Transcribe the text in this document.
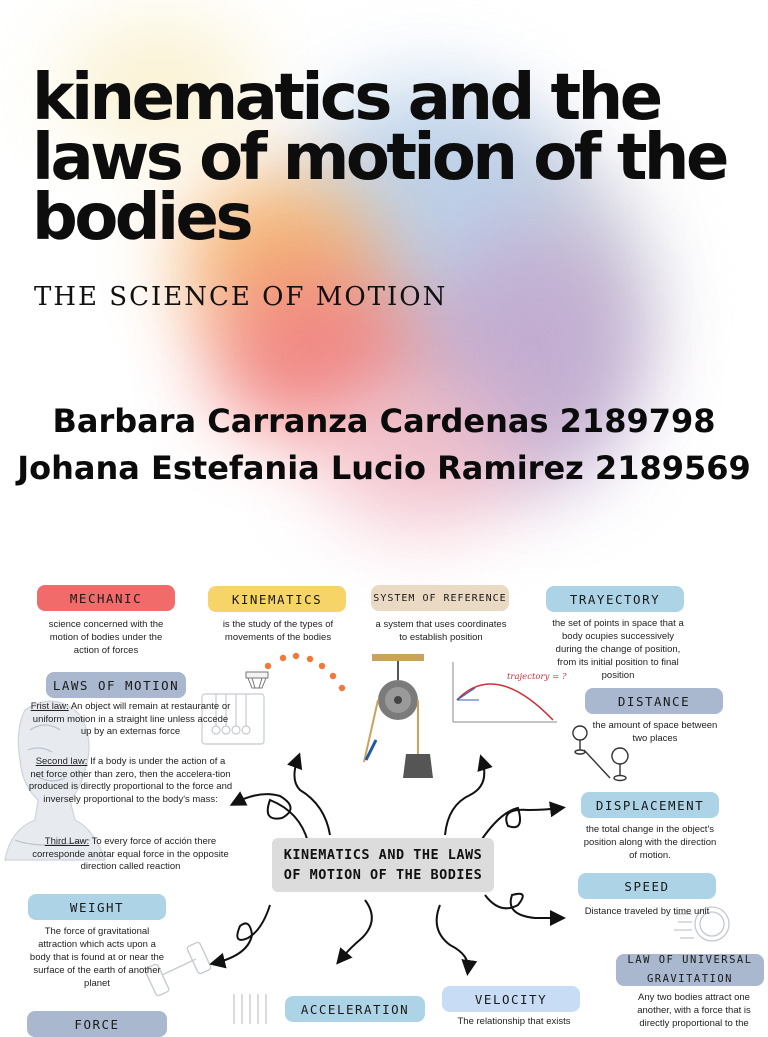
kinematics and the laws of motion of the bodies
THE SCIENCE OF MOTION
Barbara Carranza Cardenas 2189798
Johana Estefania Lucio Ramirez 2189569
trajectory = ?
MECHANIC
science concerned with the motion of bodies under the action of forces
KINEMATICS
is the study of the types of movements of the bodies
SYSTEM OF REFERENCE
a system that uses coordinates to establish position
TRAYECTORY
the set of points in space that a body ocupies successively during the change of position, from its initial position to final position
LAWS OF MOTION
Frist law: An object will remain at restaurante or uniform motion in a straight line unless accede up by an externas force
Second law: If a body is under the action of a net force other than zero, then the accelera-tion produced is directly proportional to the force and inversely proportional to the body's mass:
Third Law: To every force of acción there corresponde anotar equal force in the opposite direction called reaction
DISTANCE
the amount of space between two places
DISPLACEMENT
the total change in the object's position along with the direction of motion.
SPEED
Distance traveled by time unit
LAW OF UNIVERSAL GRAVITATION
Any two bodies attract one another, with a force that is directly proportional to the
KINEMATICS AND THE LAWS OF MOTION OF THE BODIES
WEIGHT
The force of gravitational attraction which acts upon a body that is found at or near the surface of the earth of another planet
FORCE
ACCELERATION
VELOCITY
The relationship that exists
